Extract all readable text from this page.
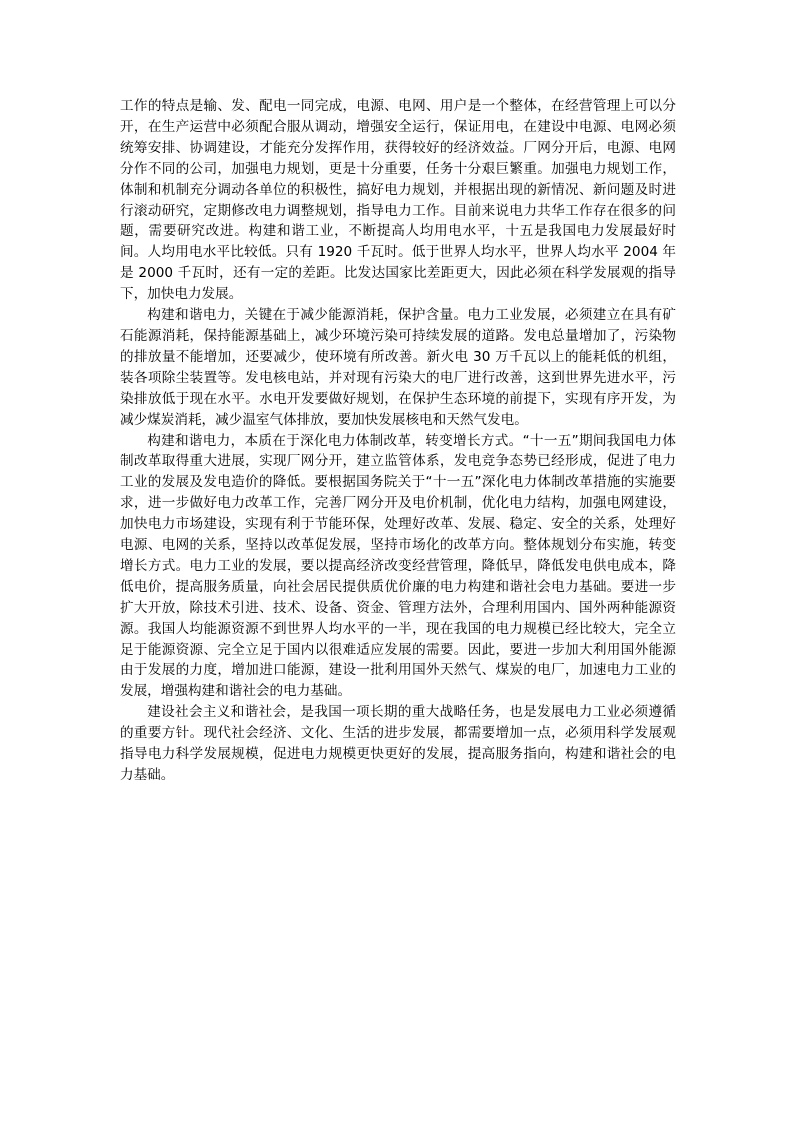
工作的特点是输、发、配电一同完成，电源、电网、用户是一个整体，在经营管理上可以分开，在生产运营中必须配合服从调动，增强安全运行，保证用电，在建设中电源、电网必须统筹安排、协调建设，才能充分发挥作用，获得较好的经济效益。厂网分开后，电源、电网分作不同的公司，加强电力规划，更是十分重要，任务十分艰巨繁重。加强电力规划工作，体制和机制充分调动各单位的积极性，搞好电力规划，并根据出现的新情况、新问题及时进行滚动研究，定期修改电力调整规划，指导电力工作。目前来说电力共华工作存在很多的问题，需要研究改进。构建和谐工业，不断提高人均用电水平，十五是我国电力发展最好时间。人均用电水平比较低。只有 1920 千瓦时。低于世界人均水平，世界人均水平 2004 年是 2000 千瓦时，还有一定的差距。比发达国家比差距更大，因此必须在科学发展观的指导下，加快电力发展。

构建和谐电力，关键在于减少能源消耗，保护含量。电力工业发展，必须建立在具有矿石能源消耗，保持能源基础上，减少环境污染可持续发展的道路。发电总量增加了，污染物的排放量不能增加，还要减少，使环境有所改善。新火电 30 万千瓦以上的能耗低的机组，装各项除尘装置等。发电核电站，并对现有污染大的电厂进行改善，这到世界先进水平，污染排放低于现在水平。水电开发要做好规划，在保护生态环境的前提下，实现有序开发，为减少煤炭消耗，减少温室气体排放，要加快发展核电和天然气发电。

构建和谐电力，本质在于深化电力体制改革，转变增长方式。“十一五”期间我国电力体制改革取得重大进展，实现厂网分开，建立监管体系，发电竞争态势已经形成，促进了电力工业的发展及发电造价的降低。要根据国务院关于“十一五”深化电力体制改革措施的实施要求，进一步做好电力改革工作，完善厂网分开及电价机制，优化电力结构，加强电网建设，加快电力市场建设，实现有利于节能环保，处理好改革、发展、稳定、安全的关系，处理好电源、电网的关系，坚持以改革促发展，坚持市场化的改革方向。整体规划分布实施，转变增长方式。电力工业的发展，要以提高经济改变经营管理，降低早，降低发电供电成本，降低电价，提高服务质量，向社会居民提供质优价廉的电力构建和谐社会电力基础。要进一步扩大开放，除技术引进、技术、设备、资金、管理方法外，合理利用国内、国外两种能源资源。我国人均能源资源不到世界人均水平的一半，现在我国的电力规模已经比较大，完全立足于能源资源、完全立足于国内以很难适应发展的需要。因此，要进一步加大利用国外能源由于发展的力度，增加进口能源，建设一批利用国外天然气、煤炭的电厂，加速电力工业的发展，增强构建和谐社会的电力基础。

建设社会主义和谐社会，是我国一项长期的重大战略任务，也是发展电力工业必须遵循的重要方针。现代社会经济、文化、生活的进步发展，都需要增加一点，必须用科学发展观指导电力科学发展规模，促进电力规模更快更好的发展，提高服务指向，构建和谐社会的电力基础。
